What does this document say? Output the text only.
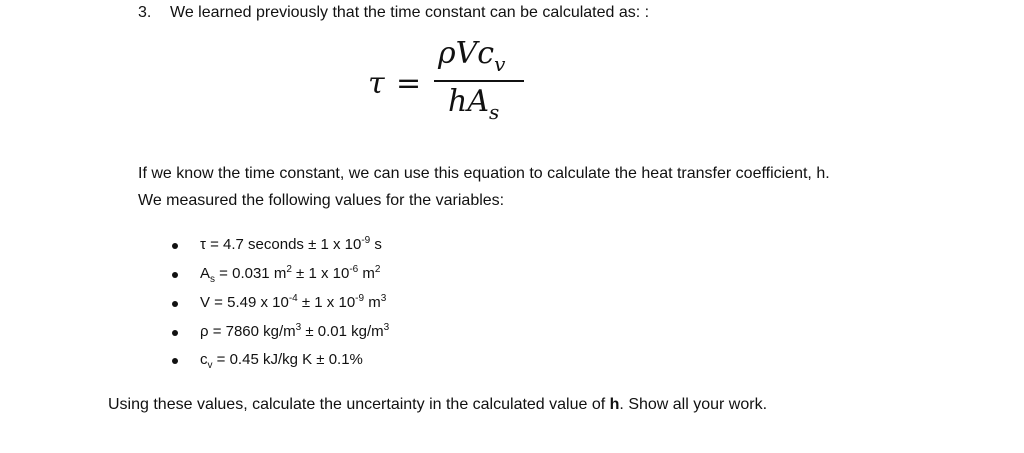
3. We learned previously that the time constant can be calculated as: :
τ =
ρVc$_v$
$hA_s$
If we know the time constant, we can use this equation to calculate the heat transfer coefficient, h.
We measured the following values for the variables:
τ = 4.7 seconds ± 1 x $10^{-9}$ s
$A_s = 0.031$ $m^2 \pm 1$ x $10^{-6}$ $m^2$
V = 5.49 x $10^{-4} \pm 1$ x $10^{-9}$ $m^3$
ρ = 7860 $kg/m^3 \pm 0.01$ $kg/m^3$
$c_v = 0.45$ kJ/kg K ± 0.1%
Using these values, calculate the uncertainty in the calculated value of h. Show all your work.
